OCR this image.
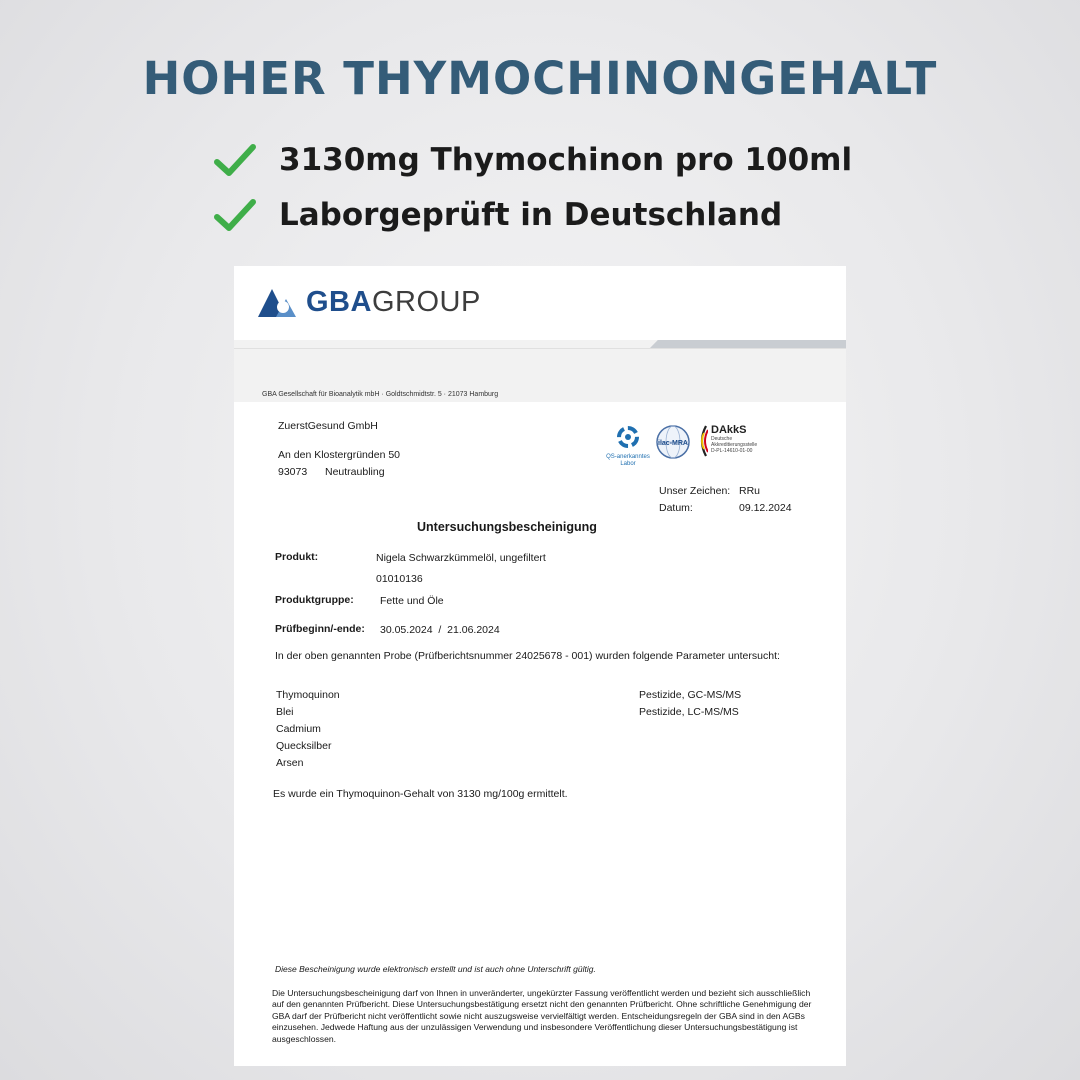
HOHER THYMOCHINONGEHALT
3130mg Thymochinon pro 100ml
Laborgeprüft in Deutschland
GBA GROUP
GBA Gesellschaft für Bioanalytik mbH · Goldtschmidtstr. 5 · 21073 Hamburg
ZuerstGesund GmbH
An den Klostergründen 50
93073 Neutraubling
QS-anerkanntes
Labor
ilac-MRA
DAkkS
Deutsche
Akkreditierungsstelle
D-PL-14610-01-00
Unser Zeichen: RRu
Datum:	09.12.2024
Untersuchungsbescheinigung
Produkt:	Nigela Schwarzkümmelöl, ungefiltert
01010136
Produktgruppe:	Fette und Öle
Prüfbeginn/-ende: 30.05.2024  /  21.06.2024
In der oben genannten Probe (Prüfberichtsnummer 24025678 - 001) wurden folgende Parameter untersucht:
Thymoquinon
Blei
Cadmium
Quecksilber
Arsen
Pestizide, GC-MS/MS
Pestizide, LC-MS/MS
Es wurde ein Thymoquinon-Gehalt von 3130 mg/100g ermittelt.
Diese Bescheinigung wurde elektronisch erstellt und ist auch ohne Unterschrift gültig.
Die Untersuchungsbescheinigung darf von Ihnen in unveränderter, ungekürzter Fassung veröffentlicht werden und bezieht sich ausschließlich auf den genannten Prüfbericht. Diese Untersuchungsbestätigung ersetzt nicht den genannten Prüfbericht. Ohne schriftliche Genehmigung der GBA darf der Prüfbericht nicht veröffentlicht sowie nicht auszugsweise vervielfältigt werden. Entscheidungsregeln der GBA sind in den AGBs einzusehen. Jedwede Haftung aus der unzulässigen Verwendung und insbesondere Veröffentlichung dieser Untersuchungsbestätigung ist ausgeschlossen.
